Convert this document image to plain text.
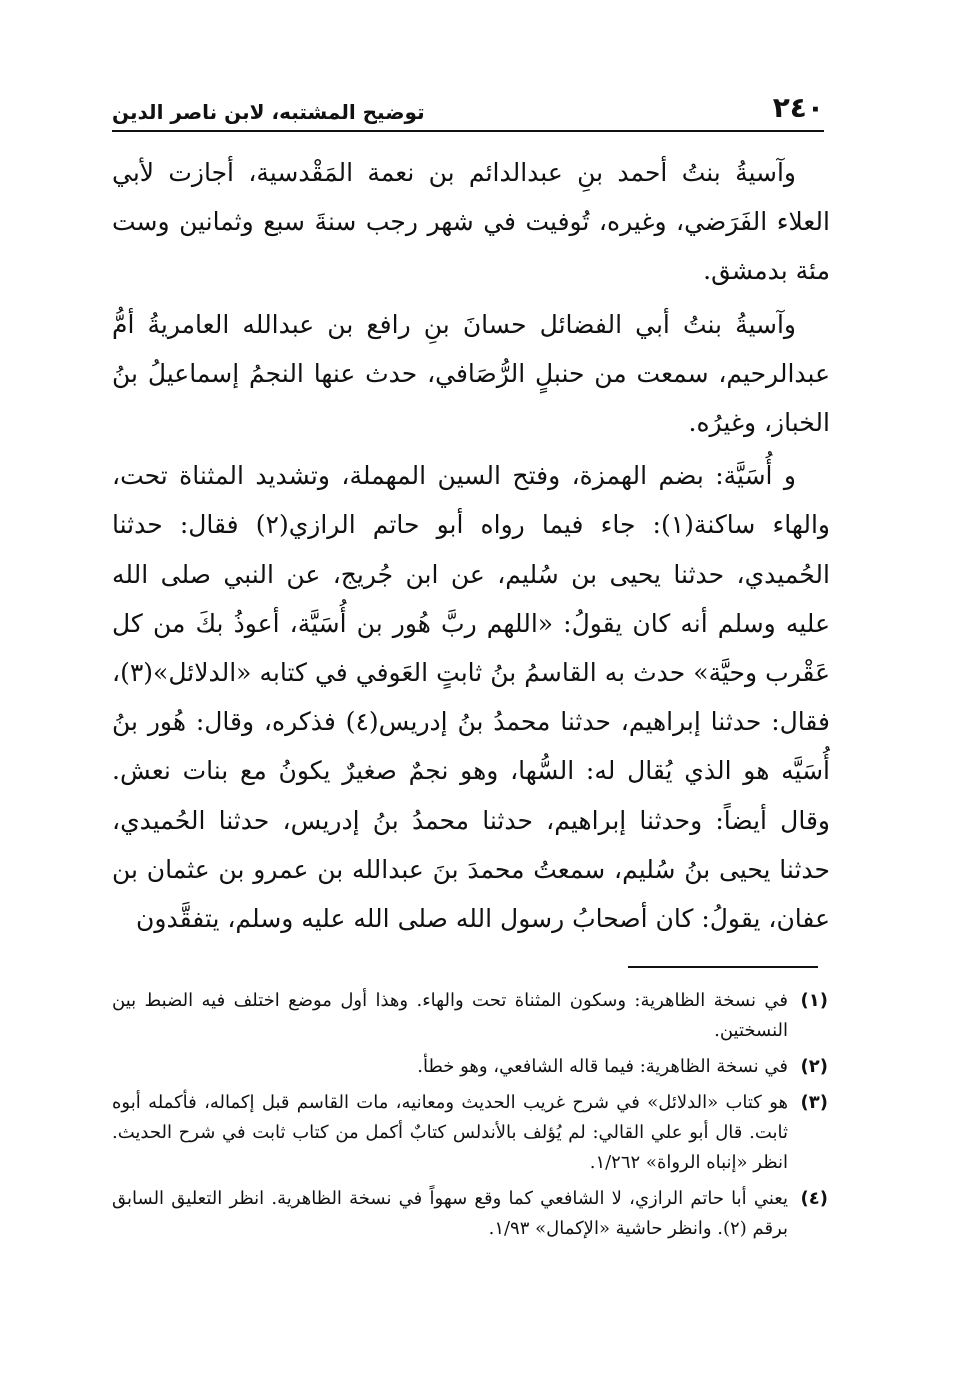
٢٤٠
توضيح المشتبه، لابن ناصر الدين

وآسيةُ بنتُ أحمد بنِ عبدالدائم بن نعمة المَقْدسية، أجازت لأبي العلاء الفَرَضي، وغيره، تُوفيت في شهر رجب سنةَ سبع وثمانين وست مئة بدمشق.

وآسيةُ بنتُ أبي الفضائل حسانَ بنِ رافع بن عبدالله العامريةُ أمُّ عبدالرحيم، سمعت من حنبلٍ الرُّصَافي، حدث عنها النجمُ إسماعيلُ بنُ الخباز، وغيرُه.

و أُسَيَّة: بضم الهمزة، وفتح السين المهملة، وتشديد المثناة تحت، والهاء ساكنة(١): جاء فيما رواه أبو حاتم الرازي(٢) فقال: حدثنا الحُميدي، حدثنا يحيى بن سُليم، عن ابن جُريج، عن النبي صلى الله عليه وسلم أنه كان يقولُ: «اللهم ربَّ هُور بن أُسَيَّة، أعوذُ بكَ من كل عَقْرب وحيَّة» حدث به القاسمُ بنُ ثابتٍ العَوفي في كتابه «الدلائل»(٣)، فقال: حدثنا إبراهيم، حدثنا محمدُ بنُ إدريس(٤) فذكره، وقال: هُور بنُ أُسَيَّه هو الذي يُقال له: السُّها، وهو نجمٌ صغيرٌ يكونُ مع بنات نعش. وقال أيضاً: وحدثنا إبراهيم، حدثنا محمدُ بنُ إدريس، حدثنا الحُميدي، حدثنا يحيى بنُ سُليم، سمعتُ محمدَ بنَ عبدالله بن عمرو بن عثمان بن عفان، يقولُ: كان أصحابُ رسول الله صلى الله عليه وسلم، يتفقَّدون

(١)
في نسخة الظاهرية: وسكون المثناة تحت والهاء. وهذا أول موضع اختلف فيه الضبط بين النسختين.
(٢)
في نسخة الظاهرية: فيما قاله الشافعي، وهو خطأ.
(٣)
هو كتاب «الدلائل» في شرح غريب الحديث ومعانيه، مات القاسم قبل إكماله، فأكمله أبوه ثابت. قال أبو علي القالي: لم يُؤلف بالأندلس كتابٌ أكمل من كتاب ثابت في شرح الحديث. انظر «إنباه الرواة» ١/٢٦٢.
(٤)
يعني أبا حاتم الرازي، لا الشافعي كما وقع سهواً في نسخة الظاهرية. انظر التعليق السابق برقم (٢). وانظر حاشية «الإكمال» ١/٩٣.
